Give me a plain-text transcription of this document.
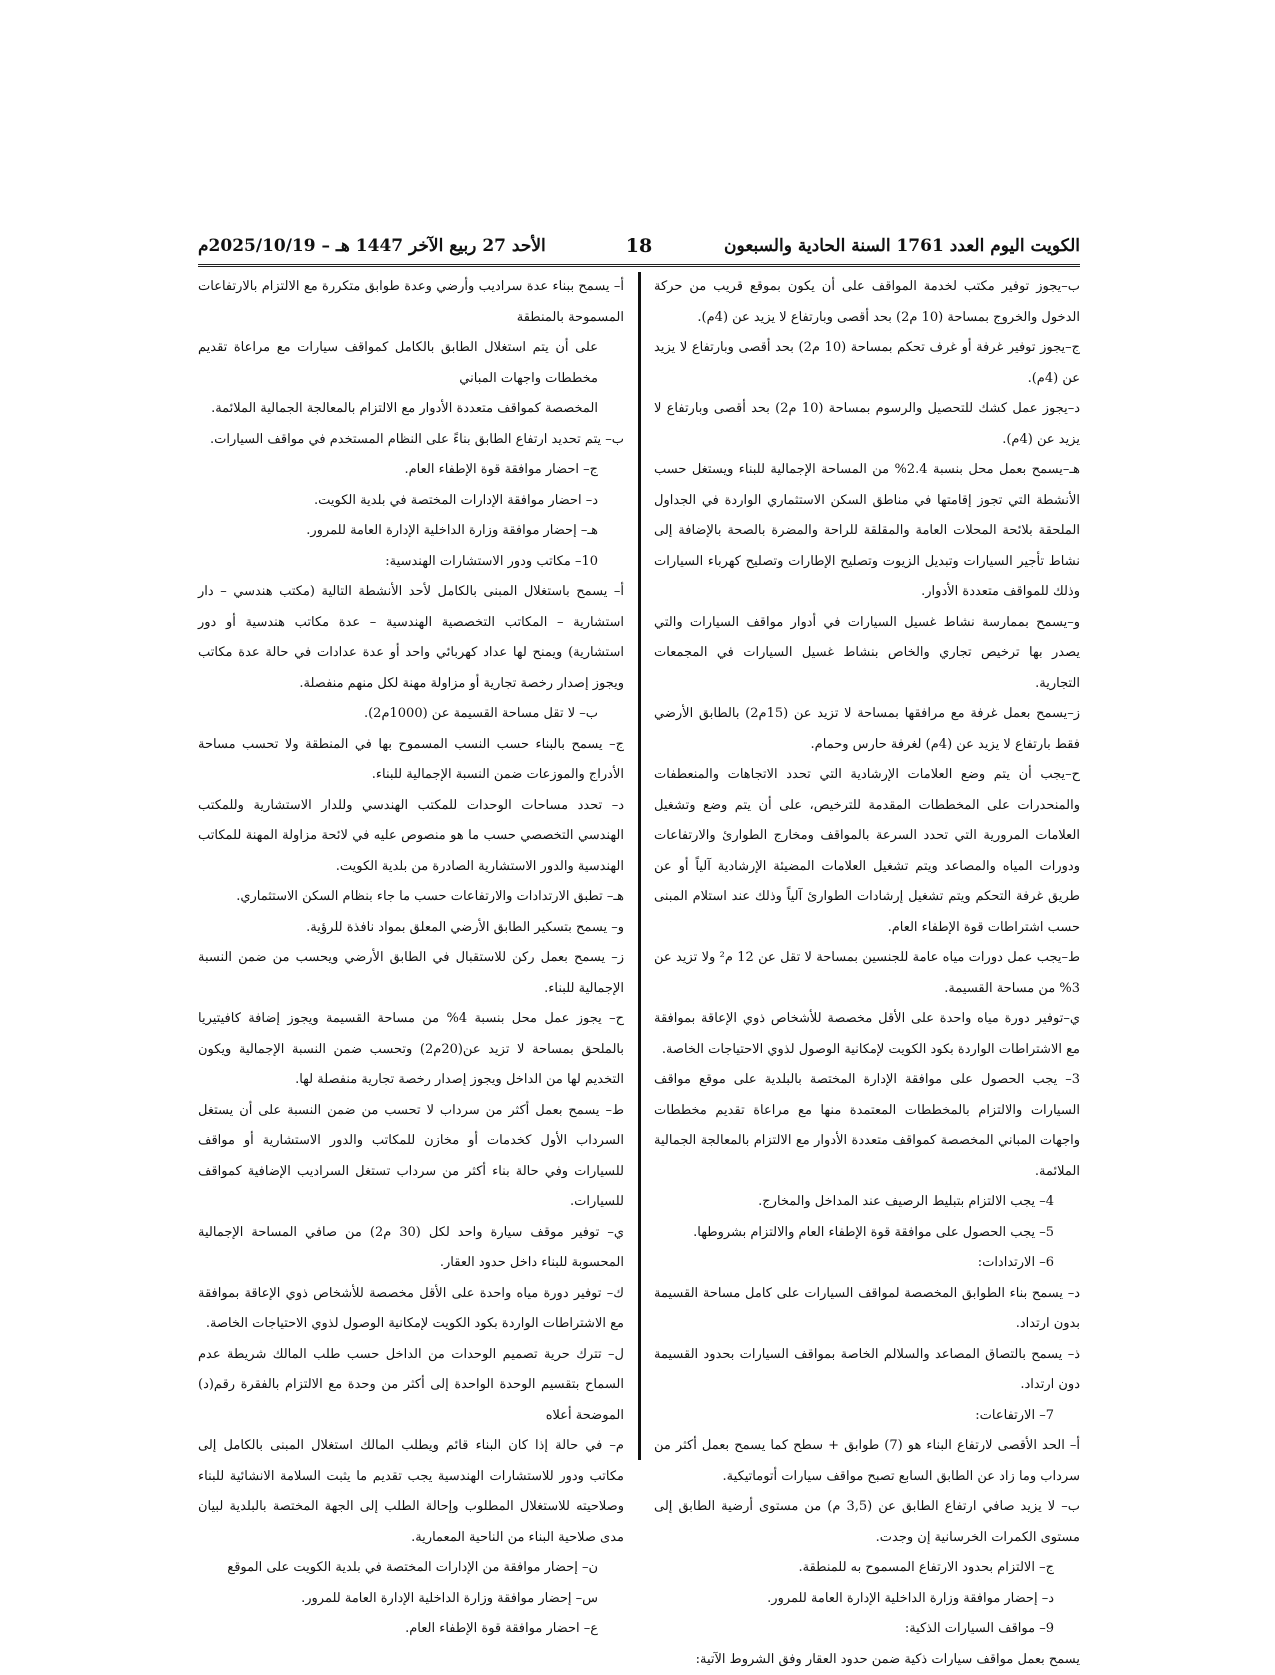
الكويت اليوم العدد 1761 السنة الحادية والسبعون
18
الأحد 27 ربيع الآخر 1447 هـ – 2025/10/19م

ب–يجوز توفير مكتب لخدمة المواقف على أن يكون بموقع قريب من حركة الدخول والخروج بمساحة (10 م2) بحد أقصى وبارتفاع لا يزيد عن (4م).

ج–يجوز توفير غرفة أو غرف تحكم بمساحة (10 م2) بحد أقصى وبارتفاع لا يزيد عن (4م).

د–يجوز عمل كشك للتحصيل والرسوم بمساحة (10 م2) بحد أقصى وبارتفاع لا يزيد عن (4م).

هـ–يسمح بعمل محل بنسبة 2.4% من المساحة الإجمالية للبناء ويستغل حسب الأنشطة التي تجوز إقامتها في مناطق السكن الاستثماري الواردة في الجداول الملحقة بلائحة المحلات العامة والمقلقة للراحة والمضرة بالصحة بالإضافة إلى نشاط تأجير السيارات وتبديل الزيوت وتصليح الإطارات وتصليح كهرباء السيارات وذلك للمواقف متعددة الأدوار.

و–يسمح بممارسة نشاط غسيل السيارات في أدوار مواقف السيارات والتي يصدر بها ترخيص تجاري والخاص بنشاط غسيل السيارات في المجمعات التجارية.

ز–يسمح بعمل غرفة مع مرافقها بمساحة لا تزيد عن (15م2) بالطابق الأرضي فقط بارتفاع لا يزيد عن (4م) لغرفة حارس وحمام.

ح–يجب أن يتم وضع العلامات الإرشادية التي تحدد الاتجاهات والمنعطفات والمنحدرات على المخططات المقدمة للترخيص، على أن يتم وضع وتشغيل العلامات المرورية التي تحدد السرعة بالمواقف ومخارج الطوارئ والارتفاعات ودورات المياه والمصاعد ويتم تشغيل العلامات المضيئة الإرشادية آلياً أو عن طريق غرفة التحكم ويتم تشغيل إرشادات الطوارئ آلياً وذلك عند استلام المبنى حسب اشتراطات قوة الإطفاء العام.

ط–يجب عمل دورات مياه عامة للجنسين بمساحة لا تقل عن 12 م² ولا تزيد عن 3% من مساحة القسيمة.

ي–توفير دورة مياه واحدة على الأقل مخصصة للأشخاص ذوي الإعاقة بموافقة مع الاشتراطات الواردة بكود الكويت لإمكانية الوصول لذوي الاحتياجات الخاصة.

3– يجب الحصول على موافقة الإدارة المختصة بالبلدية على موقع مواقف السيارات والالتزام بالمخططات المعتمدة منها مع مراعاة تقديم مخططات واجهات المباني المخصصة كمواقف متعددة الأدوار مع الالتزام بالمعالجة الجمالية الملائمة.

4– يجب الالتزام بتبليط الرصيف عند المداخل والمخارج.

5– يجب الحصول على موافقة قوة الإطفاء العام والالتزام بشروطها.

6– الارتدادات:

د– يسمح بناء الطوابق المخصصة لمواقف السيارات على كامل مساحة القسيمة بدون ارتداد.

ذ– يسمح بالتصاق المصاعد والسلالم الخاصة بمواقف السيارات بحدود القسيمة دون ارتداد.

7– الارتفاعات:

أ– الحد الأقصى لارتفاع البناء هو (7) طوابق + سطح كما يسمح بعمل أكثر من سرداب وما زاد عن الطابق السابع تصبح مواقف سيارات أتوماتيكية.

ب– لا يزيد صافي ارتفاع الطابق عن (3,5 م) من مستوى أرضية الطابق إلى مستوى الكمرات الخرسانية إن وجدت.

ج– الالتزام بحدود الارتفاع المسموح به للمنطقة.

د– إحضار موافقة وزارة الداخلية الإدارة العامة للمرور.

9– مواقف السيارات الذكية:

يسمح بعمل مواقف سيارات ذكية ضمن حدود العقار وفق الشروط الآتية:

أ– يسمح ببناء عدة سراديب وأرضي وعدة طوابق متكررة مع الالتزام بالارتفاعات المسموحة بالمنطقة

على أن يتم استغلال الطابق بالكامل كمواقف سيارات مع مراعاة تقديم مخططات واجهات المباني

المخصصة كمواقف متعددة الأدوار مع الالتزام بالمعالجة الجمالية الملائمة.

ب– يتم تحديد ارتفاع الطابق بناءً على النظام المستخدم في مواقف السيارات.

ج– احضار موافقة قوة الإطفاء العام.

د– احضار موافقة الإدارات المختصة في بلدية الكويت.

هـ– إحضار موافقة وزارة الداخلية الإدارة العامة للمرور.

10– مكاتب ودور الاستشارات الهندسية:

أ– يسمح باستغلال المبنى بالكامل لأحد الأنشطة التالية (مكتب هندسي – دار استشارية – المكاتب التخصصية الهندسية – عدة مكاتب هندسية أو دور استشارية) ويمنح لها عداد كهربائي واحد أو عدة عدادات في حالة عدة مكاتب ويجوز إصدار رخصة تجارية أو مزاولة مهنة لكل منهم منفصلة.

ب– لا تقل مساحة القسيمة عن (1000م2).

ج– يسمح بالبناء حسب النسب المسموح بها في المنطقة ولا تحسب مساحة الأدراج والموزعات ضمن النسبة الإجمالية للبناء.

د– تحدد مساحات الوحدات للمكتب الهندسي وللدار الاستشارية وللمكتب الهندسي التخصصي حسب ما هو منصوص عليه في لائحة مزاولة المهنة للمكاتب الهندسية والدور الاستشارية الصادرة من بلدية الكويت.

هـ– تطبق الارتدادات والارتفاعات حسب ما جاء بنظام السكن الاستثماري.

و– يسمح بتسكير الطابق الأرضي المعلق بمواد نافذة للرؤية.

ز– يسمح بعمل ركن للاستقبال في الطابق الأرضي ويحسب من ضمن النسبة الإجمالية للبناء.

ح– يجوز عمل محل بنسبة 4% من مساحة القسيمة ويجوز إضافة كافيتيريا بالملحق بمساحة لا تزيد عن(20م2) وتحسب ضمن النسبة الإجمالية ويكون التخديم لها من الداخل ويجوز إصدار رخصة تجارية منفصلة لها.

ط– يسمح بعمل أكثر من سرداب لا تحسب من ضمن النسبة على أن يستغل السرداب الأول كخدمات أو مخازن للمكاتب والدور الاستشارية أو مواقف للسيارات وفي حالة بناء أكثر من سرداب تستغل السراديب الإضافية كمواقف للسيارات.

ي– توفير موقف سيارة واحد لكل (30 م2) من صافي المساحة الإجمالية المحسوبة للبناء داخل حدود العقار.

ك– توفير دورة مياه واحدة على الأقل مخصصة للأشخاص ذوي الإعاقة بموافقة مع الاشتراطات الواردة بكود الكويت لإمكانية الوصول لذوي الاحتياجات الخاصة.

ل– تترك حرية تصميم الوحدات من الداخل حسب طلب المالك شريطة عدم السماح بتقسيم الوحدة الواحدة إلى أكثر من وحدة مع الالتزام بالفقرة رقم(د) الموضحة أعلاه

م– في حالة إذا كان البناء قائم ويطلب المالك استغلال المبنى بالكامل إلى مكاتب ودور للاستشارات الهندسية يجب تقديم ما يثبت السلامة الانشائية للبناء وصلاحيته للاستغلال المطلوب وإحالة الطلب إلى الجهة المختصة بالبلدية لبيان مدى صلاحية البناء من الناحية المعمارية.

ن– إحضار موافقة من الإدارات المختصة في بلدية الكويت على الموقع

س– إحضار موافقة وزارة الداخلية الإدارة العامة للمرور.

ع– احضار موافقة قوة الإطفاء العام.
